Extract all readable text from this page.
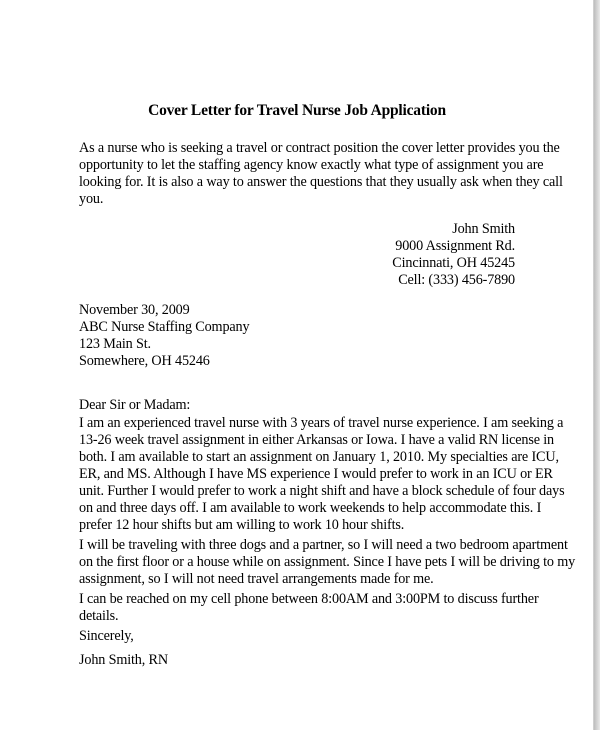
Cover Letter for Travel Nurse Job Application
As a nurse who is seeking a travel or contract position the cover letter provides you the
opportunity to let the staffing agency know exactly what type of assignment you are
looking for. It is also a way to answer the questions that they usually ask when they call
you.
John Smith
9000 Assignment Rd.
Cincinnati, OH 45245
Cell: (333) 456-7890
November 30, 2009
ABC Nurse Staffing Company
123 Main St.
Somewhere, OH 45246
Dear Sir or Madam:
I am an experienced travel nurse with 3 years of travel nurse experience. I am seeking a
13-26 week travel assignment in either Arkansas or Iowa. I have a valid RN license in
both. I am available to start an assignment on January 1, 2010. My specialties are ICU,
ER, and MS. Although I have MS experience I would prefer to work in an ICU or ER
unit. Further I would prefer to work a night shift and have a block schedule of four days
on and three days off. I am available to work weekends to help accommodate this. I
prefer 12 hour shifts but am willing to work 10 hour shifts.
I will be traveling with three dogs and a partner, so I will need a two bedroom apartment
on the first floor or a house while on assignment. Since I have pets I will be driving to my
assignment, so I will not need travel arrangements made for me.
I can be reached on my cell phone between 8:00AM and 3:00PM to discuss further
details.
Sincerely,
John Smith, RN
